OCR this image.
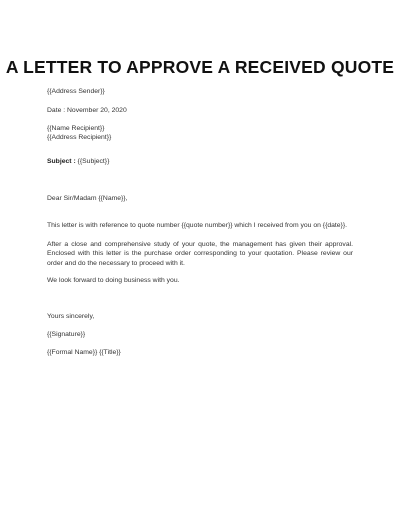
A LETTER TO APPROVE A RECEIVED QUOTE
{{Address Sender}}
Date : November 20, 2020
{{Name Recipient}}
{{Address Recipient}}
Subject : {{Subject}}
Dear Sir/Madam {{Name}},
This letter is with reference to quote number {{quote number}} which I received from you on {{date}}.
After a close and comprehensive study of your quote, the management has given their approval. Enclosed with this letter is the purchase order corresponding to your quotation. Please review our order and do the necessary to proceed with it.
We look forward to doing business with you.
Yours sincerely,
{{Signature}}
{{Formal Name}} {{Title}}
